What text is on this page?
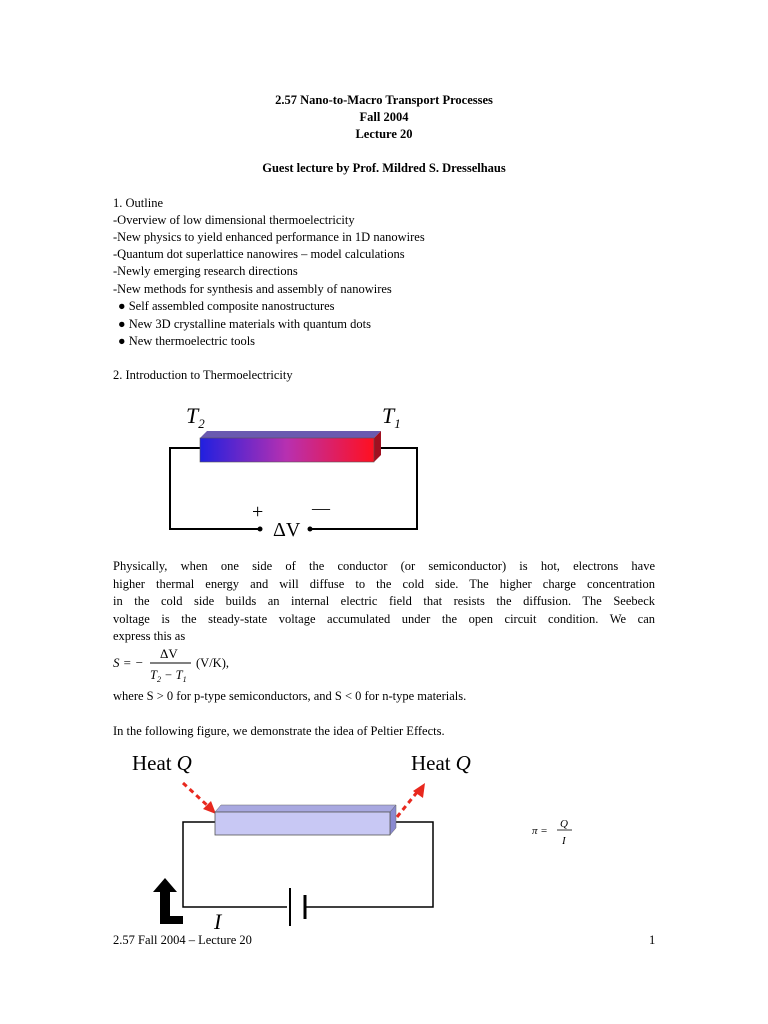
2.57 Nano-to-Macro Transport Processes
Fall 2004
Lecture 20
Guest lecture by Prof. Mildred S. Dresselhaus
1. Outline
-Overview of low dimensional thermoelectricity
-New physics to yield enhanced performance in 1D nanowires
-Quantum dot superlattice nanowires – model calculations
-Newly emerging research directions
-New methods for synthesis and assembly of nanowires
● Self assembled composite nanostructures
● New 3D crystalline materials with quantum dots
● New thermoelectric tools
2. Introduction to Thermoelectricity
$T_2$	$T_1$
+	—
ΔV
Physically, when one side of the conductor (or semiconductor) is hot, electrons have
higher thermal energy and will diffuse to the cold side. The higher charge concentration
in the cold side builds an internal electric field that resists the diffusion. The Seebeck
voltage is the steady-state voltage accumulated under the open circuit condition. We can
express this as
S = −
ΔV
$T_2 - T_1$
(V/K),
where S > 0 for p-type semiconductors, and S < 0 for n-type materials.
In the following figure, we demonstrate the idea of Peltier Effects.
Heat Q	Heat Q
I
π =
Q
I
2.57 Fall 2004 – Lecture 20	1
